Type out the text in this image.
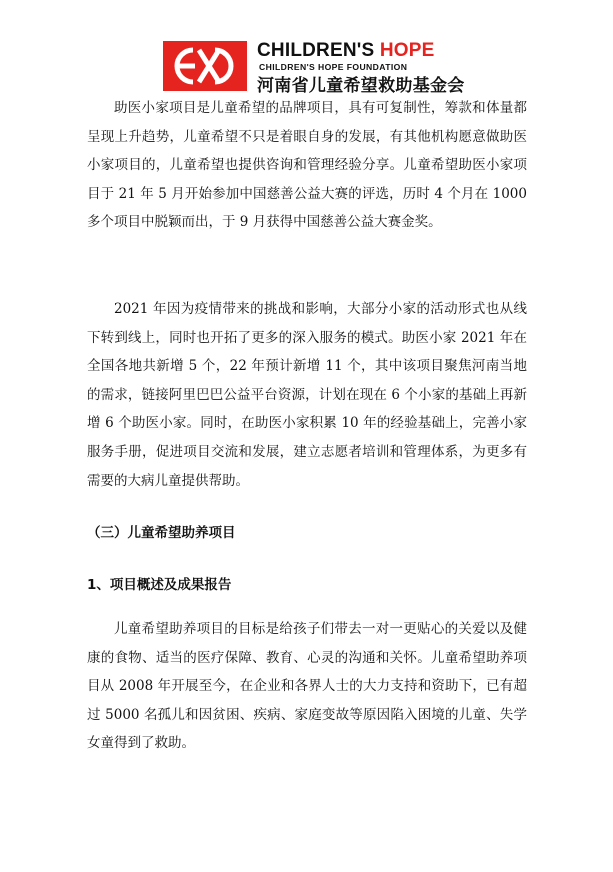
CHILDREN'S HOPE
CHILDREN'S HOPE FOUNDATION
河南省儿童希望救助基金会

助医小家项目是儿童希望的品牌项目，具有可复制性，筹款和体量都呈现上升趋势，儿童希望不只是着眼自身的发展，有其他机构愿意做助医小家项目的，儿童希望也提供咨询和管理经验分享。儿童希望助医小家项目于 21 年 5 月开始参加中国慈善公益大赛的评选，历时 4 个月在 1000 多个项目中脱颖而出，于 9 月获得中国慈善公益大赛金奖。

2021 年因为疫情带来的挑战和影响，大部分小家的活动形式也从线下转到线上，同时也开拓了更多的深入服务的模式。助医小家 2021 年在全国各地共新增 5 个，22 年预计新增 11 个，其中该项目聚焦河南当地的需求，链接阿里巴巴公益平台资源，计划在现在 6 个小家的基础上再新增 6 个助医小家。同时，在助医小家积累 10 年的经验基础上，完善小家服务手册，促进项目交流和发展，建立志愿者培训和管理体系，为更多有需要的大病儿童提供帮助。

（三）儿童希望助养项目

1、项目概述及成果报告

儿童希望助养项目的目标是给孩子们带去一对一更贴心的关爱以及健康的食物、适当的医疗保障、教育、心灵的沟通和关怀。儿童希望助养项目从 2008 年开展至今，在企业和各界人士的大力支持和资助下，已有超过 5000 名孤儿和因贫困、疾病、家庭变故等原因陷入困境的儿童、失学女童得到了救助。
